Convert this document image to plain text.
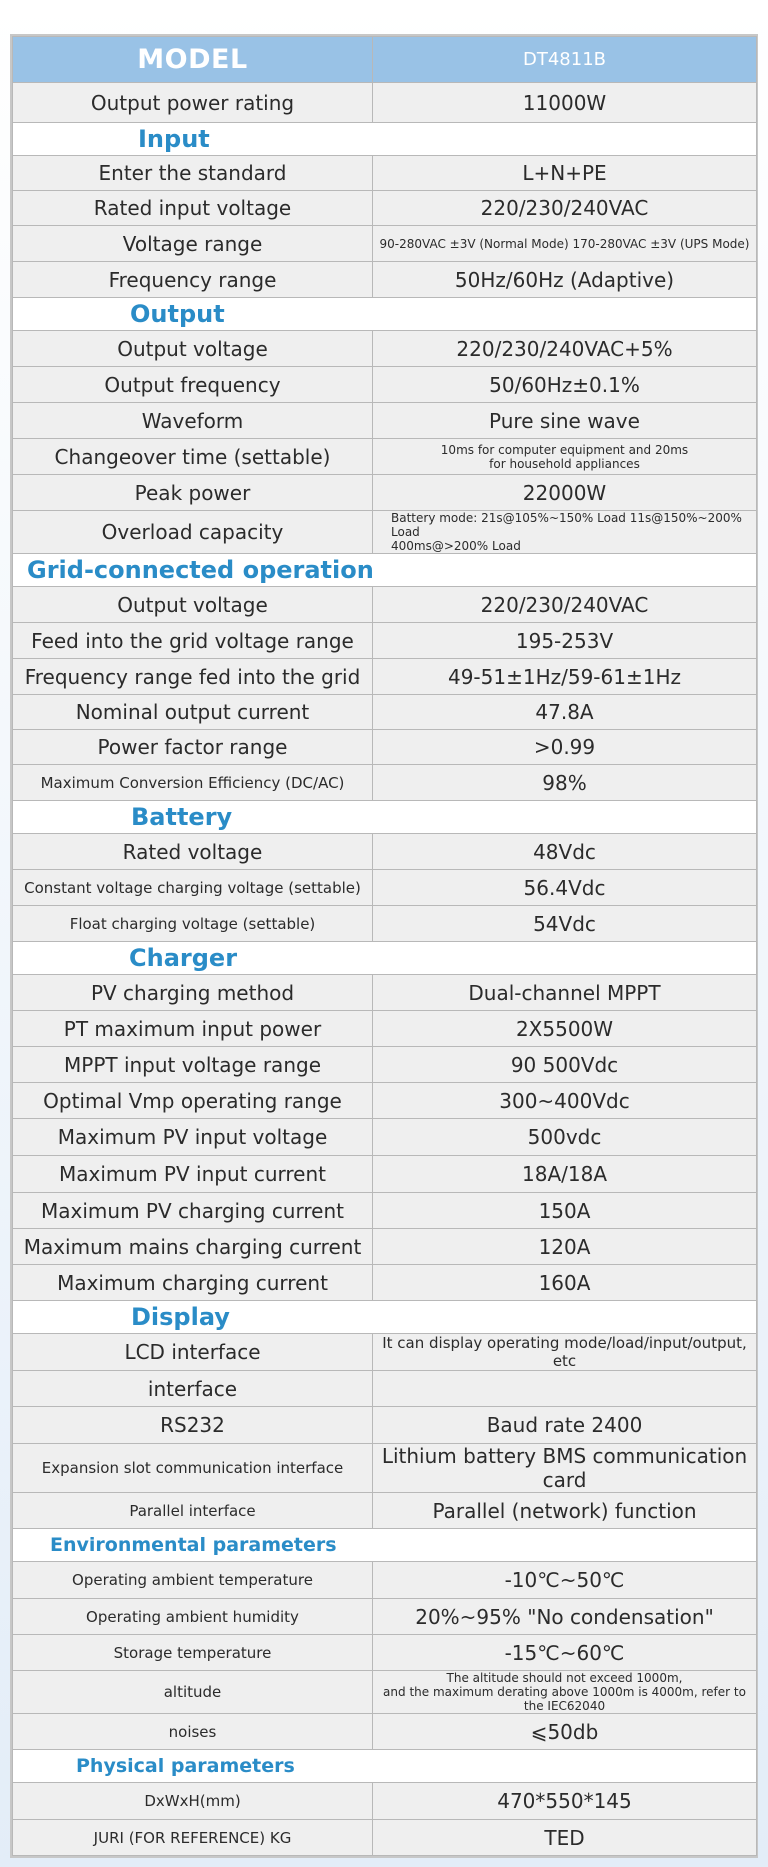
MODEL	DT4811B
Output power rating	11000W
Input	
Enter the standard	L+N+PE
Rated input voltage	220/230/240VAC
Voltage range	90-280VAC ±3V (Normal Mode) 170-280VAC ±3V (UPS Mode)
Frequency range	50Hz/60Hz (Adaptive)
Output	
Output voltage	220/230/240VAC+5%
Output frequency	50/60Hz±0.1%
Waveform	Pure sine wave
Changeover time (settable)	10ms for computer equipment and 20ms
for household appliances
Peak power	22000W
Overload capacity	Battery mode: 21s@105%~150% Load 11s@150%~200% Load
400ms@>200% Load
Grid-connected operation	
Output voltage	220/230/240VAC
Feed into the grid voltage range	195-253V
Frequency range fed into the grid	49-51±1Hz/59-61±1Hz
Nominal output current	47.8A
Power factor range	>0.99
Maximum Conversion Efficiency (DC/AC)	98%
Battery	
Rated voltage	48Vdc
Constant voltage charging voltage (settable)	56.4Vdc
Float charging voltage (settable)	54Vdc
Charger	
PV charging method	Dual-channel MPPT
PT maximum input power	2X5500W
MPPT input voltage range	90 500Vdc
Optimal Vmp operating range	300~400Vdc
Maximum PV input voltage	500vdc
Maximum PV input current	18A/18A
Maximum PV charging current	150A
Maximum mains charging current	120A
Maximum charging current	160A
Display	
LCD interface	It can display operating mode/load/input/output, etc
interface	
RS232	Baud rate 2400
Expansion slot communication interface	Lithium battery BMS communication card
Parallel interface	Parallel (network) function
Environmental parameters	
Operating ambient temperature	-10℃~50℃
Operating ambient humidity	20%~95% "No condensation"
Storage temperature	-15℃~60℃
altitude	The altitude should not exceed 1000m,
and the maximum derating above 1000m is 4000m, refer to the IEC62040
noises	⩽50db
Physical parameters	
DxWxH(mm)	470*550*145
JURI (FOR REFERENCE) KG	TED
